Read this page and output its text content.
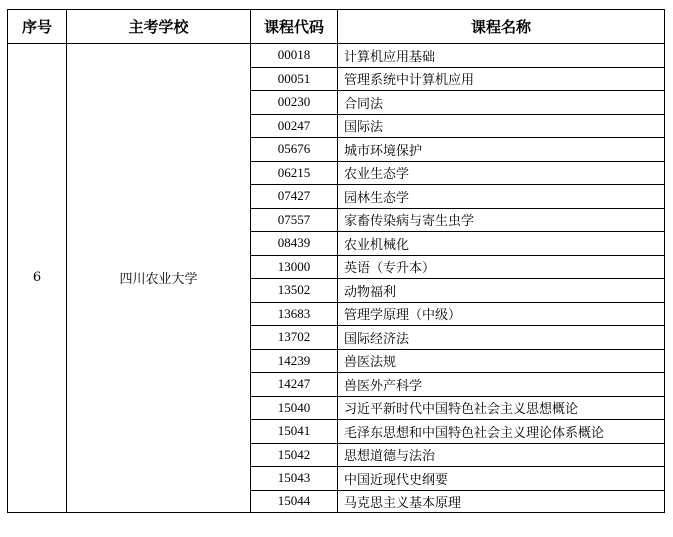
序号	主考学校	课程代码	课程名称
6	四川农业大学	00018	计算机应用基础
		00051	管理系统中计算机应用
		00230	合同法
		00247	国际法
		05676	城市环境保护
		06215	农业生态学
		07427	园林生态学
		07557	家畜传染病与寄生虫学
		08439	农业机械化
		13000	英语（专升本）
		13502	动物福利
		13683	管理学原理（中级）
		13702	国际经济法
		14239	兽医法规
		14247	兽医外产科学
		15040	习近平新时代中国特色社会主义思想概论
		15041	毛泽东思想和中国特色社会主义理论体系概论
		15042	思想道德与法治
		15043	中国近现代史纲要
		15044	马克思主义基本原理
